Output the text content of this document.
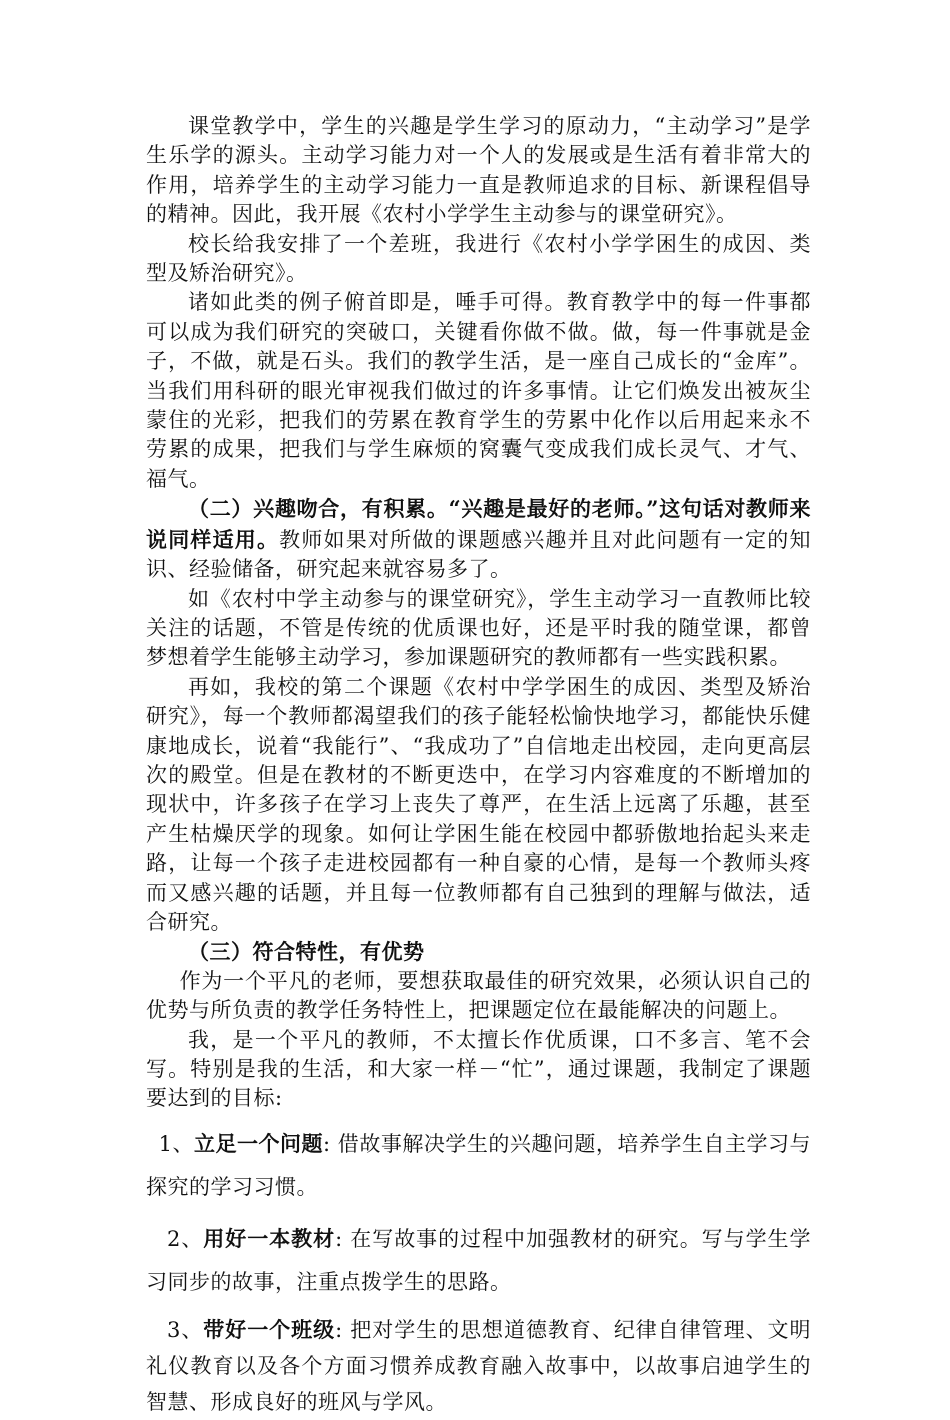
课堂教学中，学生的兴趣是学生学习的原动力，“主动学习”是学生乐学的源头。主动学习能力对一个人的发展或是生活有着非常大的作用，培养学生的主动学习能力一直是教师追求的目标、新课程倡导的精神。因此，我开展《农村小学学生主动参与的课堂研究》。

校长给我安排了一个差班，我进行《农村小学学困生的成因、类型及矫治研究》。

诸如此类的例子俯首即是，唾手可得。教育教学中的每一件事都可以成为我们研究的突破口，关键看你做不做。做，每一件事就是金子，不做，就是石头。我们的教学生活，是一座自己成长的“金库”。当我们用科研的眼光审视我们做过的许多事情。让它们焕发出被灰尘蒙住的光彩，把我们的劳累在教育学生的劳累中化作以后用起来永不劳累的成果，把我们与学生麻烦的窝囊气变成我们成长灵气、才气、福气。

（二）兴趣吻合，有积累。“兴趣是最好的老师。”这句话对教师来说同样适用。教师如果对所做的课题感兴趣并且对此问题有一定的知识、经验储备，研究起来就容易多了。

如《农村中学主动参与的课堂研究》，学生主动学习一直教师比较关注的话题，不管是传统的优质课也好，还是平时我的随堂课，都曾梦想着学生能够主动学习，参加课题研究的教师都有一些实践积累。

再如，我校的第二个课题《农村中学学困生的成因、类型及矫治研究》，每一个教师都渴望我们的孩子能轻松愉快地学习，都能快乐健康地成长，说着“我能行”、“我成功了”自信地走出校园，走向更高层次的殿堂。但是在教材的不断更迭中，在学习内容难度的不断增加的现状中，许多孩子在学习上丧失了尊严，在生活上远离了乐趣，甚至产生枯燥厌学的现象。如何让学困生能在校园中都骄傲地抬起头来走路，让每一个孩子走进校园都有一种自豪的心情，是每一个教师头疼而又感兴趣的话题，并且每一位教师都有自己独到的理解与做法，适合研究。

（三）符合特性，有优势

作为一个平凡的老师，要想获取最佳的研究效果，必须认识自己的优势与所负责的教学任务特性上，把课题定位在最能解决的问题上。

我，是一个平凡的教师，不太擅长作优质课，口不多言、笔不会写。特别是我的生活，和大家一样－“忙”，通过课题，我制定了课题要达到的目标:

1、立足一个问题: 借故事解决学生的兴趣问题，培养学生自主学习与探究的学习习惯。

2、用好一本教材: 在写故事的过程中加强教材的研究。写与学生学习同步的故事，注重点拨学生的思路。

3、带好一个班级: 把对学生的思想道德教育、纪律自律管理、文明礼仪教育以及各个方面习惯养成教育融入故事中，以故事启迪学生的智慧、形成良好的班风与学风。
